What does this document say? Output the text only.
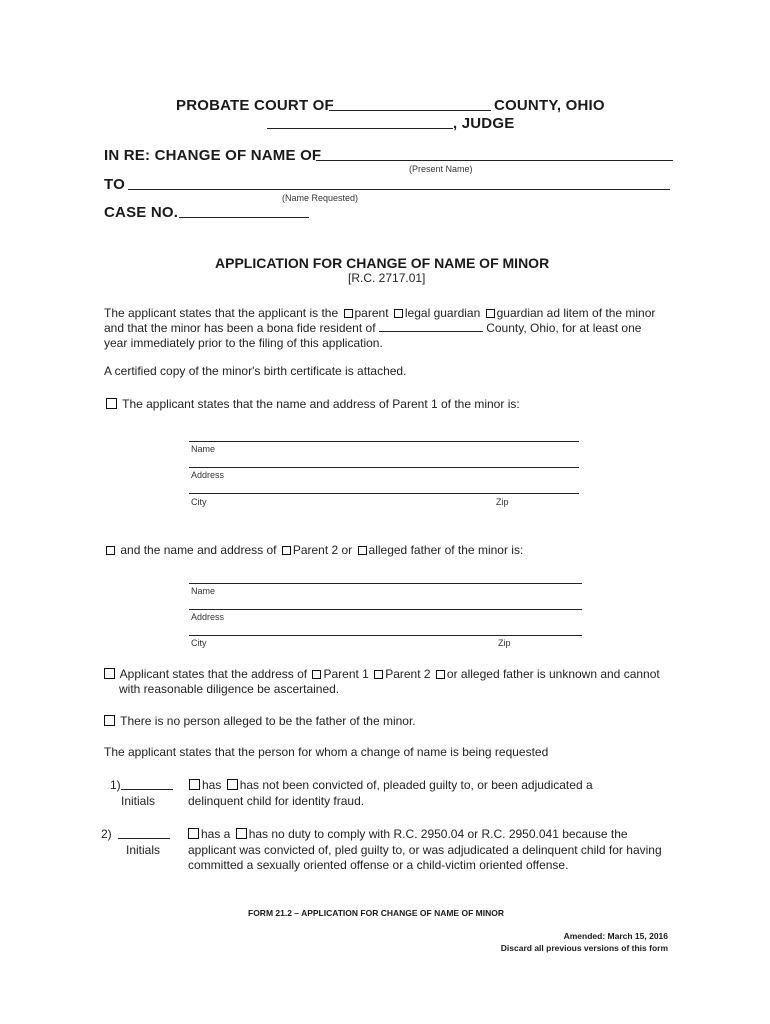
PROBATE COURT OF	COUNTY, OHIO
, JUDGE
IN RE: CHANGE OF NAME OF
(Present Name)
TO
(Name Requested)
CASE NO.
APPLICATION FOR CHANGE OF NAME OF MINOR
[R.C. 2717.01]
The applicant states that the applicant is the parent legal guardian guardian ad litem of the minor
and that the minor has been a bona fide resident of	County, Ohio, for at least one
year immediately prior to the filing of this application.
A certified copy of the minor's birth certificate is attached.
The applicant states that the name and address of Parent 1 of the minor is:
Name
Address
City	Zip
and the name and address of Parent 2 or alleged father of the minor is:
Name
Address
City	Zip
Applicant states that the address of Parent 1 Parent 2 or alleged father is unknown and cannot
with reasonable diligence be ascertained.
There is no person alleged to be the father of the minor.
The applicant states that the person for whom a change of name is being requested
1)
Initials
has has not been convicted of, pleaded guilty to, or been adjudicated a
delinquent child for identity fraud.
2)
Initials
has a has no duty to comply with R.C. 2950.04 or R.C. 2950.041 because the
applicant was convicted of, pled guilty to, or was adjudicated a delinquent child for having
committed a sexually oriented offense or a child-victim oriented offense.
FORM 21.2 – APPLICATION FOR CHANGE OF NAME OF MINOR
Amended: March 15, 2016
Discard all previous versions of this form
